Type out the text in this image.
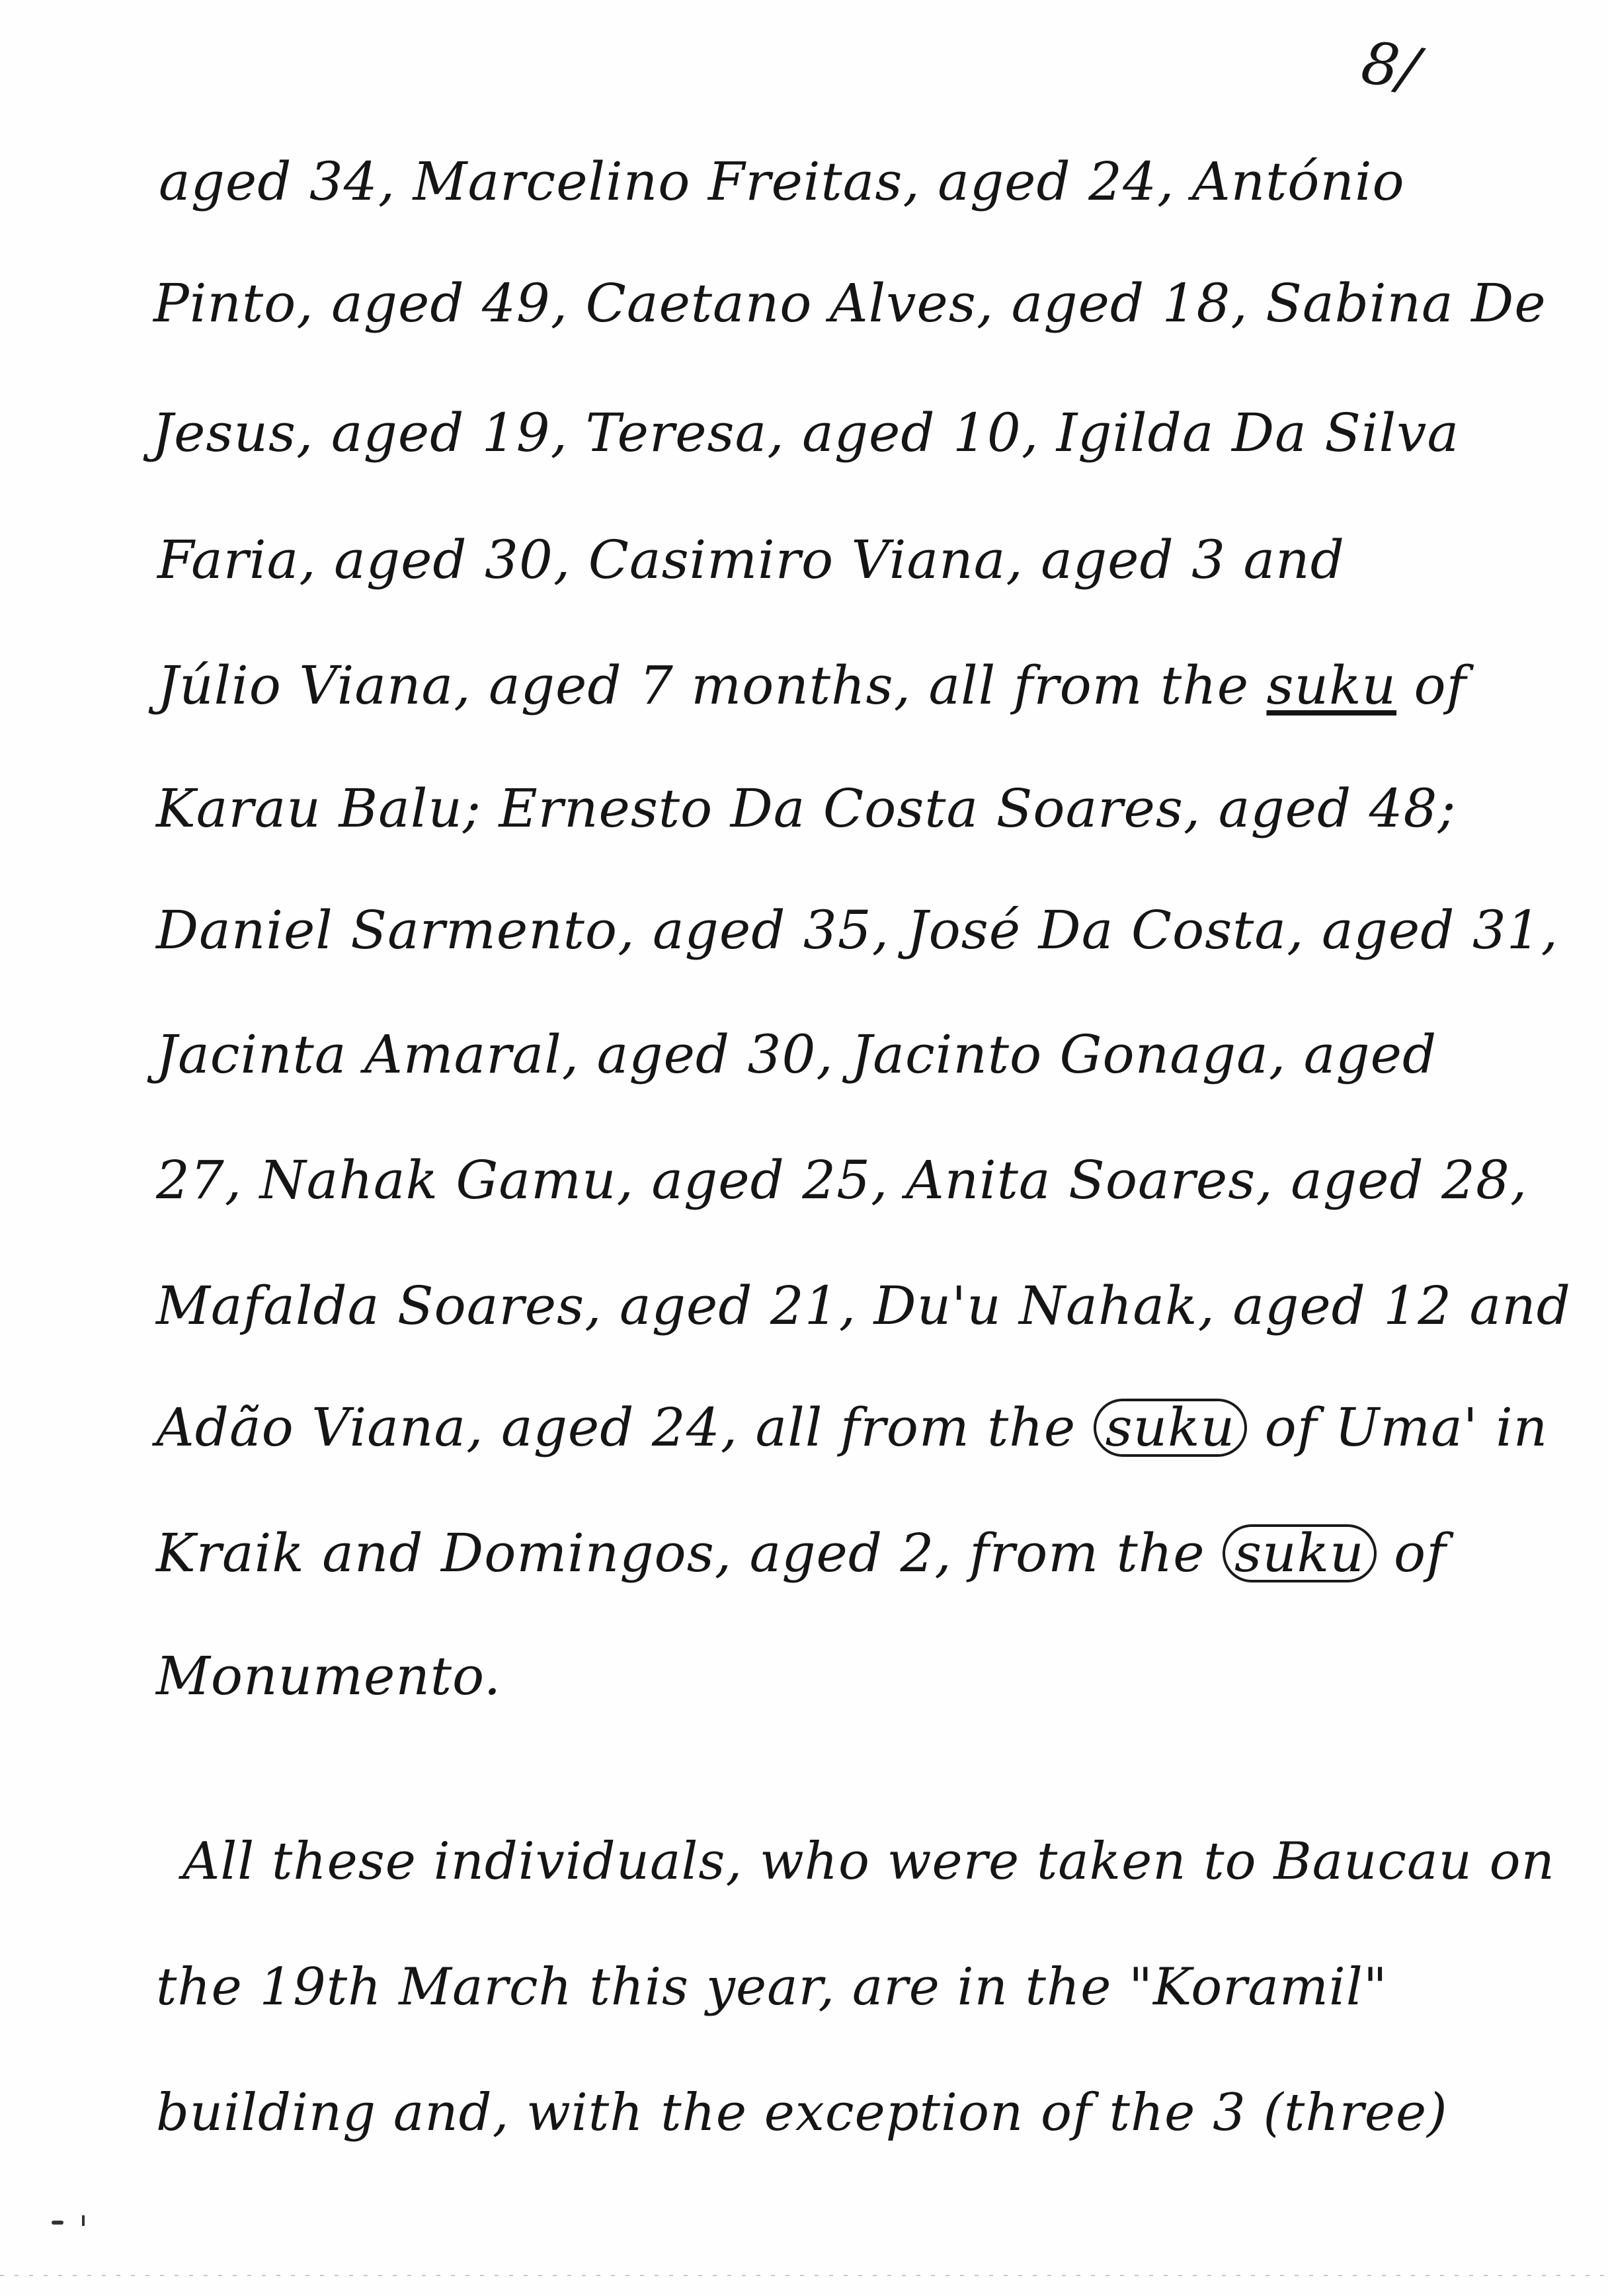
8/
aged 34, Marcelino Freitas, aged 24, António
Pinto, aged 49, Caetano Alves, aged 18, Sabina De
Jesus, aged 19, Teresa, aged 10, Igilda Da Silva
Faria, aged 30, Casimiro Viana, aged 3 and
Júlio Viana, aged 7 months, all from the suku of
Karau Balu; Ernesto Da Costa Soares, aged 48;
Daniel Sarmento, aged 35, José Da Costa, aged 31,
Jacinta Amaral, aged 30, Jacinto Gonaga, aged
27, Nahak Gamu, aged 25, Anita Soares, aged 28,
Mafalda Soares, aged 21, Du'u Nahak, aged 12 and
Adão Viana, aged 24, all from the suku of Uma' in
Kraik and Domingos, aged 2, from the suku of
Monumento.
All these individuals, who were taken to Baucau on
the 19th March this year, are in the "Koramil"
building and, with the exception of the 3 (three)
